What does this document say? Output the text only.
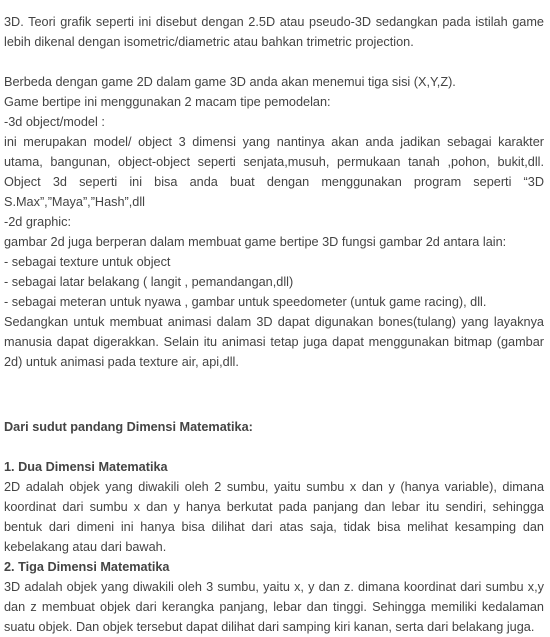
3D. Teori grafik seperti ini disebut dengan 2.5D atau pseudo-3D sedangkan pada istilah game lebih dikenal dengan isometric/diametric atau bahkan trimetric projection.

Berbeda dengan game 2D dalam game 3D anda akan menemui tiga sisi (X,Y,Z).

Game bertipe ini menggunakan 2 macam tipe pemodelan:

-3d object/model :

ini merupakan model/ object 3 dimensi yang nantinya akan anda jadikan sebagai karakter utama, bangunan, object-object seperti senjata,musuh, permukaan tanah ,pohon, bukit,dll. Object 3d seperti ini bisa anda buat dengan menggunakan program seperti “3D S.Max”,”Maya”,”Hash”,dll

-2d graphic:

gambar 2d juga berperan dalam membuat game bertipe 3D fungsi gambar 2d antara lain:

- sebagai texture untuk object

- sebagai latar belakang ( langit , pemandangan,dll)

- sebagai meteran untuk nyawa , gambar untuk speedometer (untuk game racing), dll.

Sedangkan untuk membuat animasi dalam 3D dapat digunakan bones(tulang) yang layaknya manusia dapat digerakkan. Selain itu animasi tetap juga dapat menggunakan bitmap (gambar 2d) untuk animasi pada texture air, api,dll.

Dari sudut pandang Dimensi Matematika:

1. Dua Dimensi Matematika

2D adalah objek yang diwakili oleh 2 sumbu, yaitu sumbu x dan y (hanya variable), dimana koordinat dari sumbu x dan y hanya berkutat pada panjang dan lebar itu sendiri, sehingga bentuk dari dimeni ini hanya bisa dilihat dari atas saja, tidak bisa melihat kesamping dan kebelakang atau dari bawah.

2. Tiga Dimensi Matematika

3D adalah objek yang diwakili oleh 3 sumbu, yaitu x, y dan z. dimana koordinat dari sumbu x,y dan z membuat objek dari kerangka panjang, lebar dan tinggi. Sehingga memiliki kedalaman suatu objek. Dan objek tersebut dapat dilihat dari samping kiri kanan, serta dari belakang juga.
